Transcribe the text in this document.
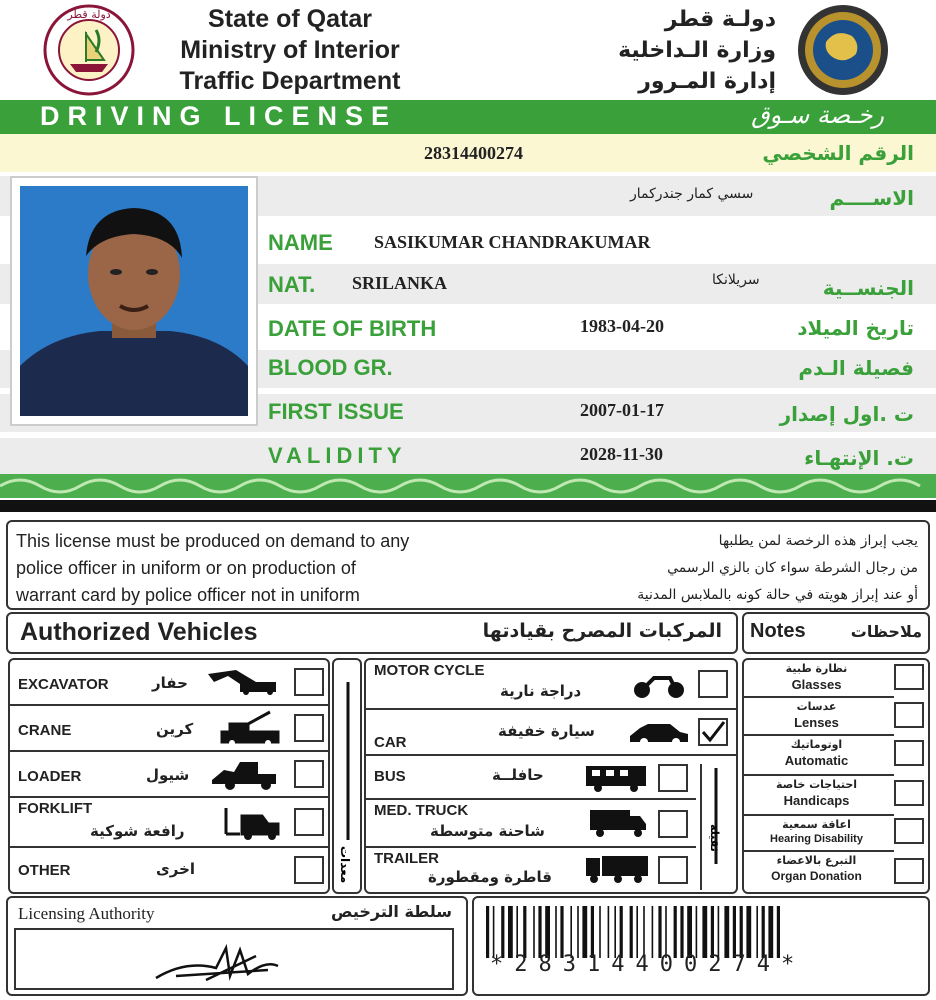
دولة قطر	State of Qatar
Ministry of Interior
Traffic Department
دولـة قطر
وزارة الـداخلية
إدارة المـرور
DRIVING LICENSE	رخـصة سـوق
28314400274	الرقم الشخصي
سسي كمار جندركمار	الاســــم
NAME SASIKUMAR CHANDRAKUMAR
NAT. SRILANKA	سريلانكا	الجنســية
DATE OF BIRTH	1983-04-20	تاريخ الميلاد
BLOOD GR.	فصيلة الـدم
FIRST ISSUE	2007-01-17	ت .اول إصدار
VALIDITY	2028-11-30	ت. الإنتهـاء
This license must be produced on demand to any
police officer in uniform or on production of
warrant card by police officer not in uniform
يجب إبراز هذه الرخصة لمن يطلبها
من رجال الشرطة سواء كان بالزي الرسمي
أو عند إبراز هويته في حالة كونه بالملابس المدنية
Authorized Vehicles	المركبات المصرح بقيادتها Notes	ملاحظات
EXCAVATOR	حفار
CRANE	كرين
LOADER	شيول
FORKLIFT
رافعة شوكية
OTHER	اخرى	معدات
MOTOR CYCLE
دراجة نارية
CAR
سيارة خفيفة
BUS	حافلــة
MED. TRUCK
شاحنة متوسطة
TRAILER
قاطرة ومقطورة
ثقيلة
نظارة طبية
Glasses
عدسات
Lenses
اوتوماتيك
Automatic
احتياجات خاصة
Handicaps
اعاقة سمعية
Hearing Disability
التبرع بالاعضاء
Organ Donation
Licensing Authority	سلطة الترخيص
*28314400274*
